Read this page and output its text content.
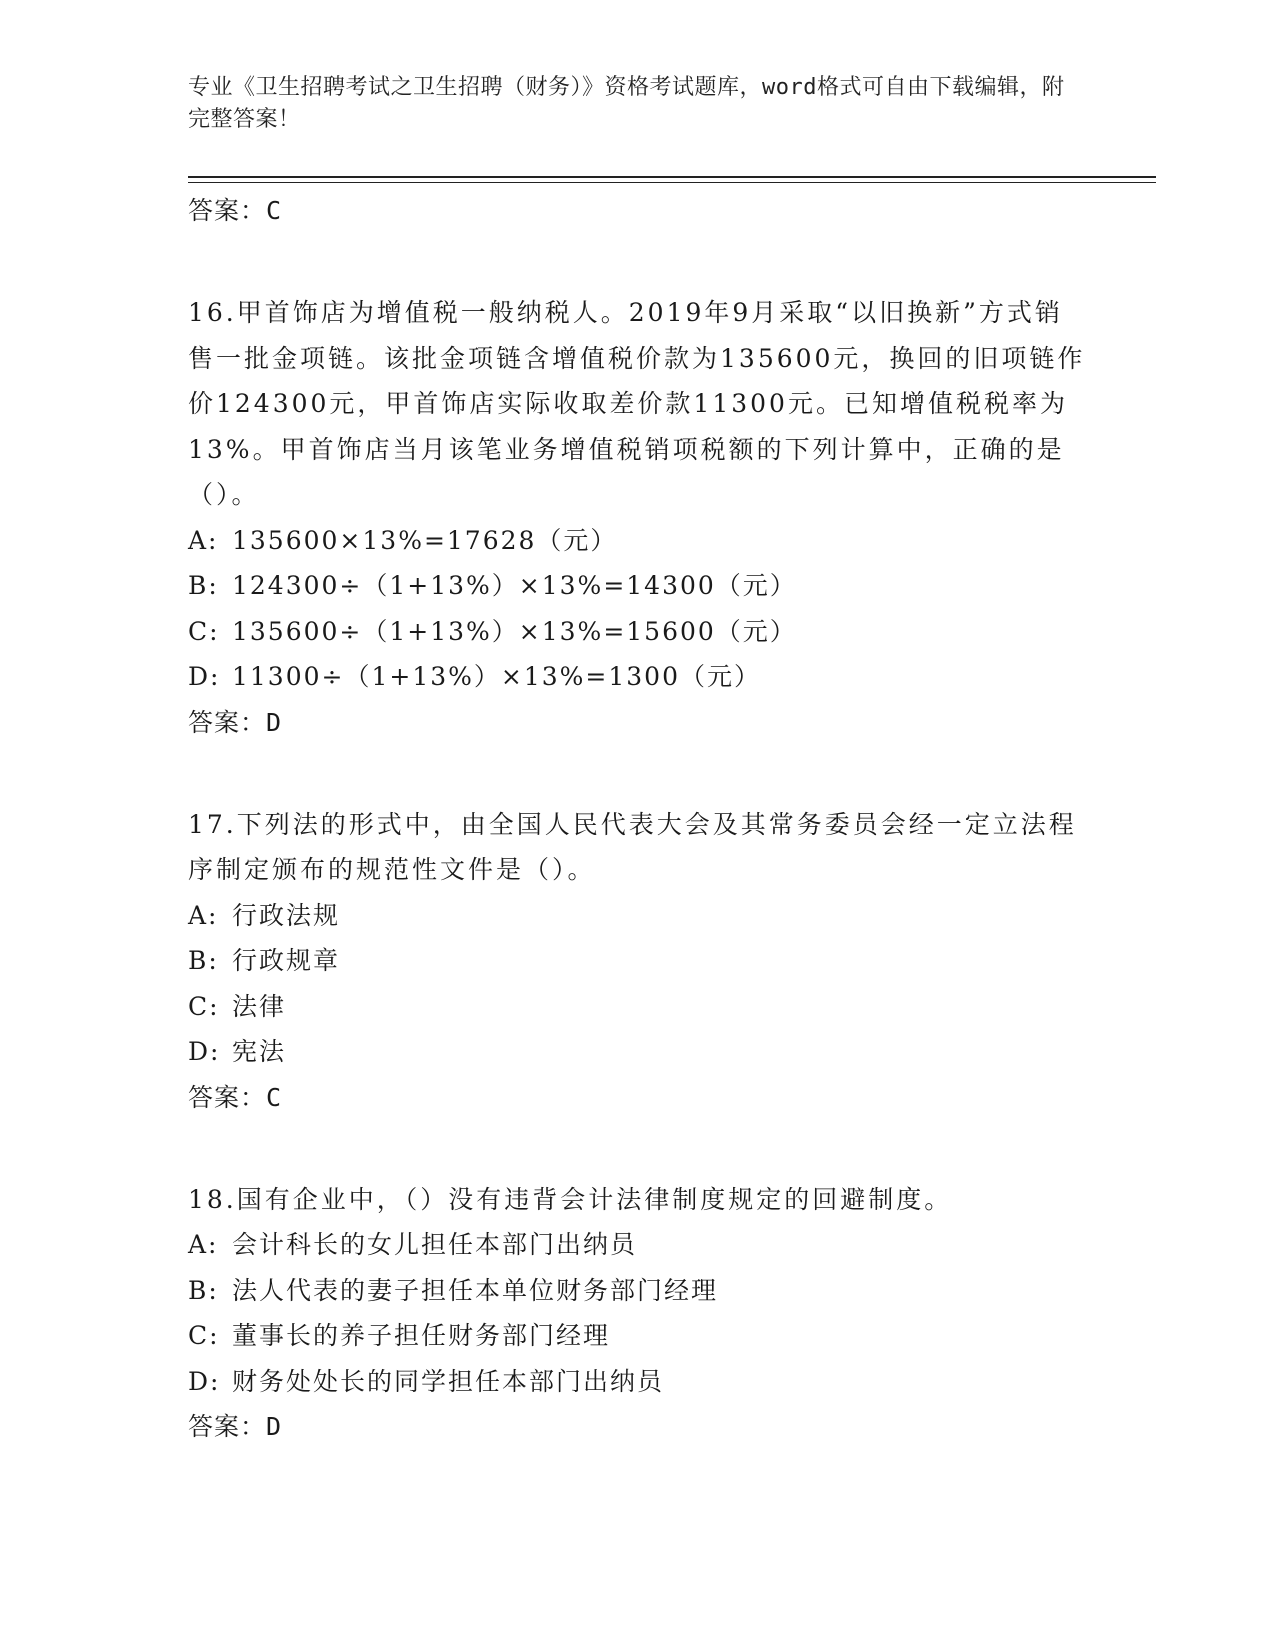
专业《卫生招聘考试之卫生招聘（财务）》资格考试题库，word格式可自由下载编辑，附完整答案！
答案：C
16.甲首饰店为增值税一般纳税人。2019年9月采取“以旧换新”方式销售一批金项链。该批金项链含增值税价款为135600元，换回的旧项链作价124300元，甲首饰店实际收取差价款11300元。已知增值税税率为13%。甲首饰店当月该笔业务增值税销项税额的下列计算中，正确的是（）。
A: 135600×13%=17628（元）
B: 124300÷（1+13%）×13%=14300（元）
C: 135600÷（1+13%）×13%=15600（元）
D: 11300÷（1+13%）×13%=1300（元）
答案：D
17.下列法的形式中，由全国人民代表大会及其常务委员会经一定立法程序制定颁布的规范性文件是（）。
A: 行政法规
B: 行政规章
C: 法律
D: 宪法
答案：C
18.国有企业中，（）没有违背会计法律制度规定的回避制度。
A: 会计科长的女儿担任本部门出纳员
B: 法人代表的妻子担任本单位财务部门经理
C: 董事长的养子担任财务部门经理
D: 财务处处长的同学担任本部门出纳员
答案：D
